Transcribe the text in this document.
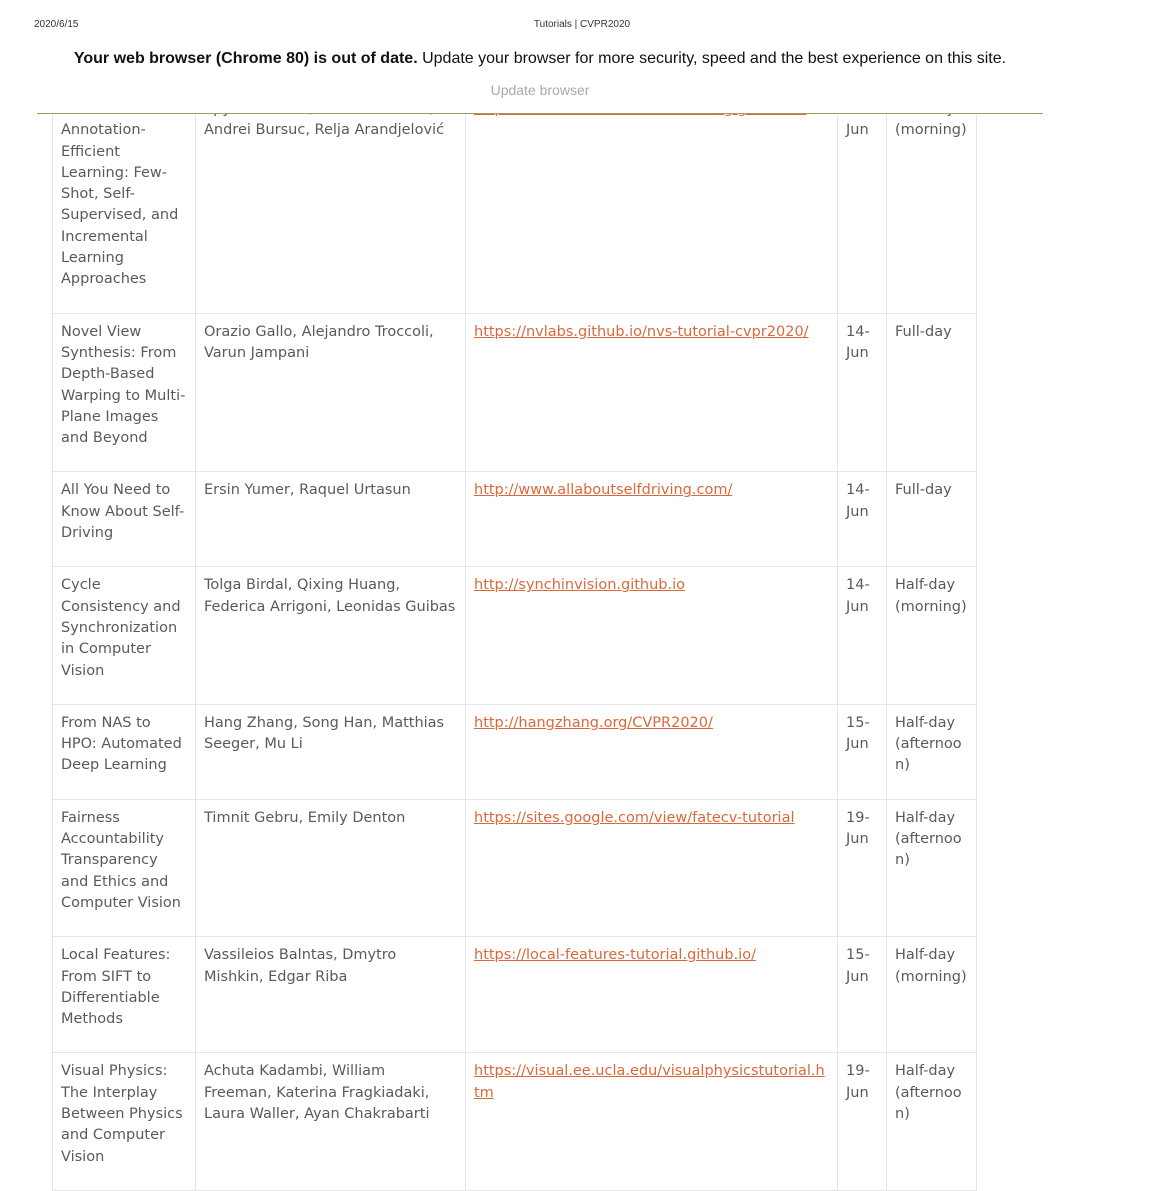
2020/6/15	Tutorials | CVPR2020
Annotation-Efficient Learning: Few-Shot, Self-Supervised, and Incremental Learning Approaches	Andrei Bursuc, Relja Arandjelović		Jun	(morning)
Novel View Synthesis: From Depth-Based Warping to Multi-Plane Images and Beyond	Orazio Gallo, Alejandro Troccoli, Varun Jampani	https://nvlabs.github.io/nvs-tutorial-cvpr2020/	14-Jun	Full-day
All You Need to Know About Self-Driving	Ersin Yumer, Raquel Urtasun	http://www.allaboutselfdriving.com/	14-Jun	Full-day
Cycle Consistency and Synchronization in Computer Vision	Tolga Birdal, Qixing Huang, Federica Arrigoni, Leonidas Guibas	http://synchinvision.github.io	14-Jun	Half-day (morning)
From NAS to HPO: Automated Deep Learning	Hang Zhang, Song Han, Matthias Seeger, Mu Li	http://hangzhang.org/CVPR2020/	15-Jun	Half-day (afternoon)
Fairness Accountability Transparency and Ethics and Computer Vision	Timnit Gebru, Emily Denton	https://sites.google.com/view/fatecv-tutorial	19-Jun	Half-day (afternoon)
Local Features: From SIFT to Differentiable Methods	Vassileios Balntas, Dmytro Mishkin, Edgar Riba	https://local-features-tutorial.github.io/	15-Jun	Half-day (morning)
Visual Physics: The Interplay Between Physics and Computer Vision	Achuta Kadambi, William Freeman, Katerina Fragkiadaki, Laura Waller, Ayan Chakrabarti	https://visual.ee.ucla.edu/visualphysicstutorial.htm	19-Jun	Half-day (afternoon)
Your web browser (Chrome 80) is out of date. Update your browser for more security, speed and the best experience on this site.
Update browser
